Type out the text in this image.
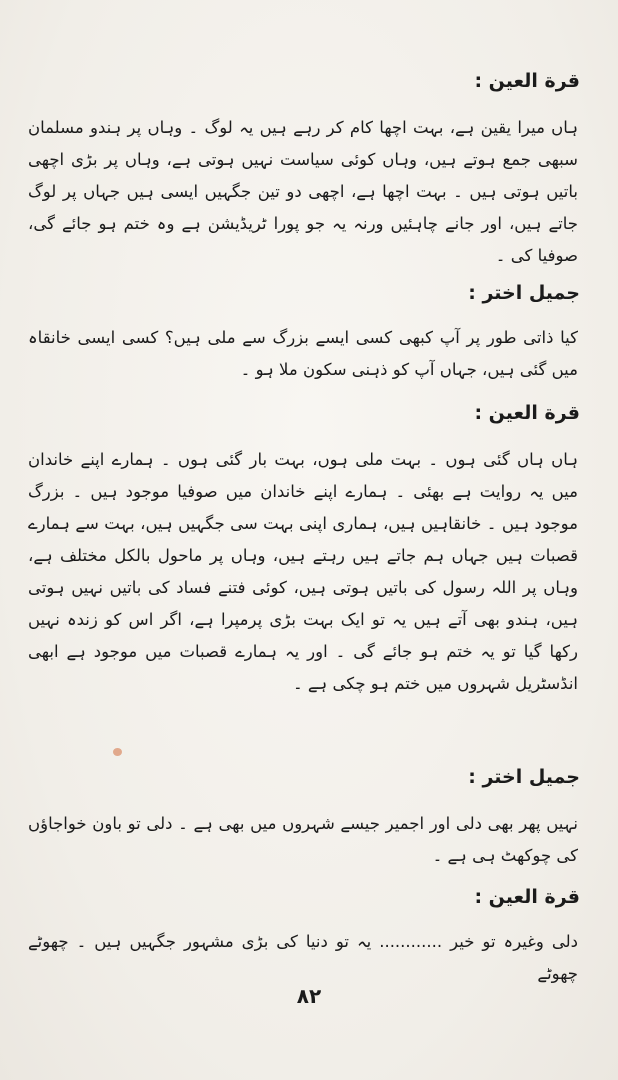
قرة العين :
ہاں میرا یقین ہے، بہت اچھا کام کر رہے ہیں یہ لوگ ۔ وہاں پر ہندو مسلمان سبھی جمع ہوتے ہیں، وہاں کوئی سیاست نہیں ہوتی ہے، وہاں پر بڑی اچھی باتیں ہوتی ہیں ۔ بہت اچھا ہے، اچھی دو تین جگہیں ایسی ہیں جہاں پر لوگ جاتے ہیں، اور جانے چاہئیں ورنہ یہ جو پورا ٹریڈیشن ہے وہ ختم ہو جائے گی، صوفیا کی ۔
جمیل اختر :
کیا ذاتی طور پر آپ کبھی کسی ایسے بزرگ سے ملی ہیں؟ کسی ایسی خانقاہ میں گئی ہیں، جہاں آپ کو ذہنی سکون ملا ہو ۔
قرة العين :
ہاں ہاں گئی ہوں ۔ بہت ملی ہوں، بہت بار گئی ہوں ۔ ہمارے اپنے خاندان میں یہ روایت ہے بھئی ۔ ہمارے اپنے خاندان میں صوفیا موجود ہیں ۔ بزرگ موجود ہیں ۔ خانقاہیں ہیں، ہماری اپنی بہت سی جگہیں ہیں، بہت سے ہمارے قصبات ہیں جہاں ہم جاتے ہیں رہتے ہیں، وہاں پر ماحول بالکل مختلف ہے، وہاں پر اللہ رسول کی باتیں ہوتی ہیں، کوئی فتنے فساد کی باتیں نہیں ہوتی ہیں، ہندو بھی آتے ہیں یہ تو ایک بہت بڑی پرمپرا ہے، اگر اس کو زندہ نہیں رکھا گیا تو یہ ختم ہو جائے گی ۔ اور یہ ہمارے قصبات میں موجود ہے ابھی انڈسٹریل شہروں میں ختم ہو چکی ہے ۔
جمیل اختر :
نہیں پھر بھی دلی اور اجمیر جیسے شہروں میں بھی ہے ۔ دلی تو باون خواجاؤں کی چوکھٹ ہی ہے ۔
قرة العين :
دلی وغیرہ تو خیر ............ یہ تو دنیا کی بڑی مشہور جگہیں ہیں ۔ چھوٹے چھوٹے
۸۲
